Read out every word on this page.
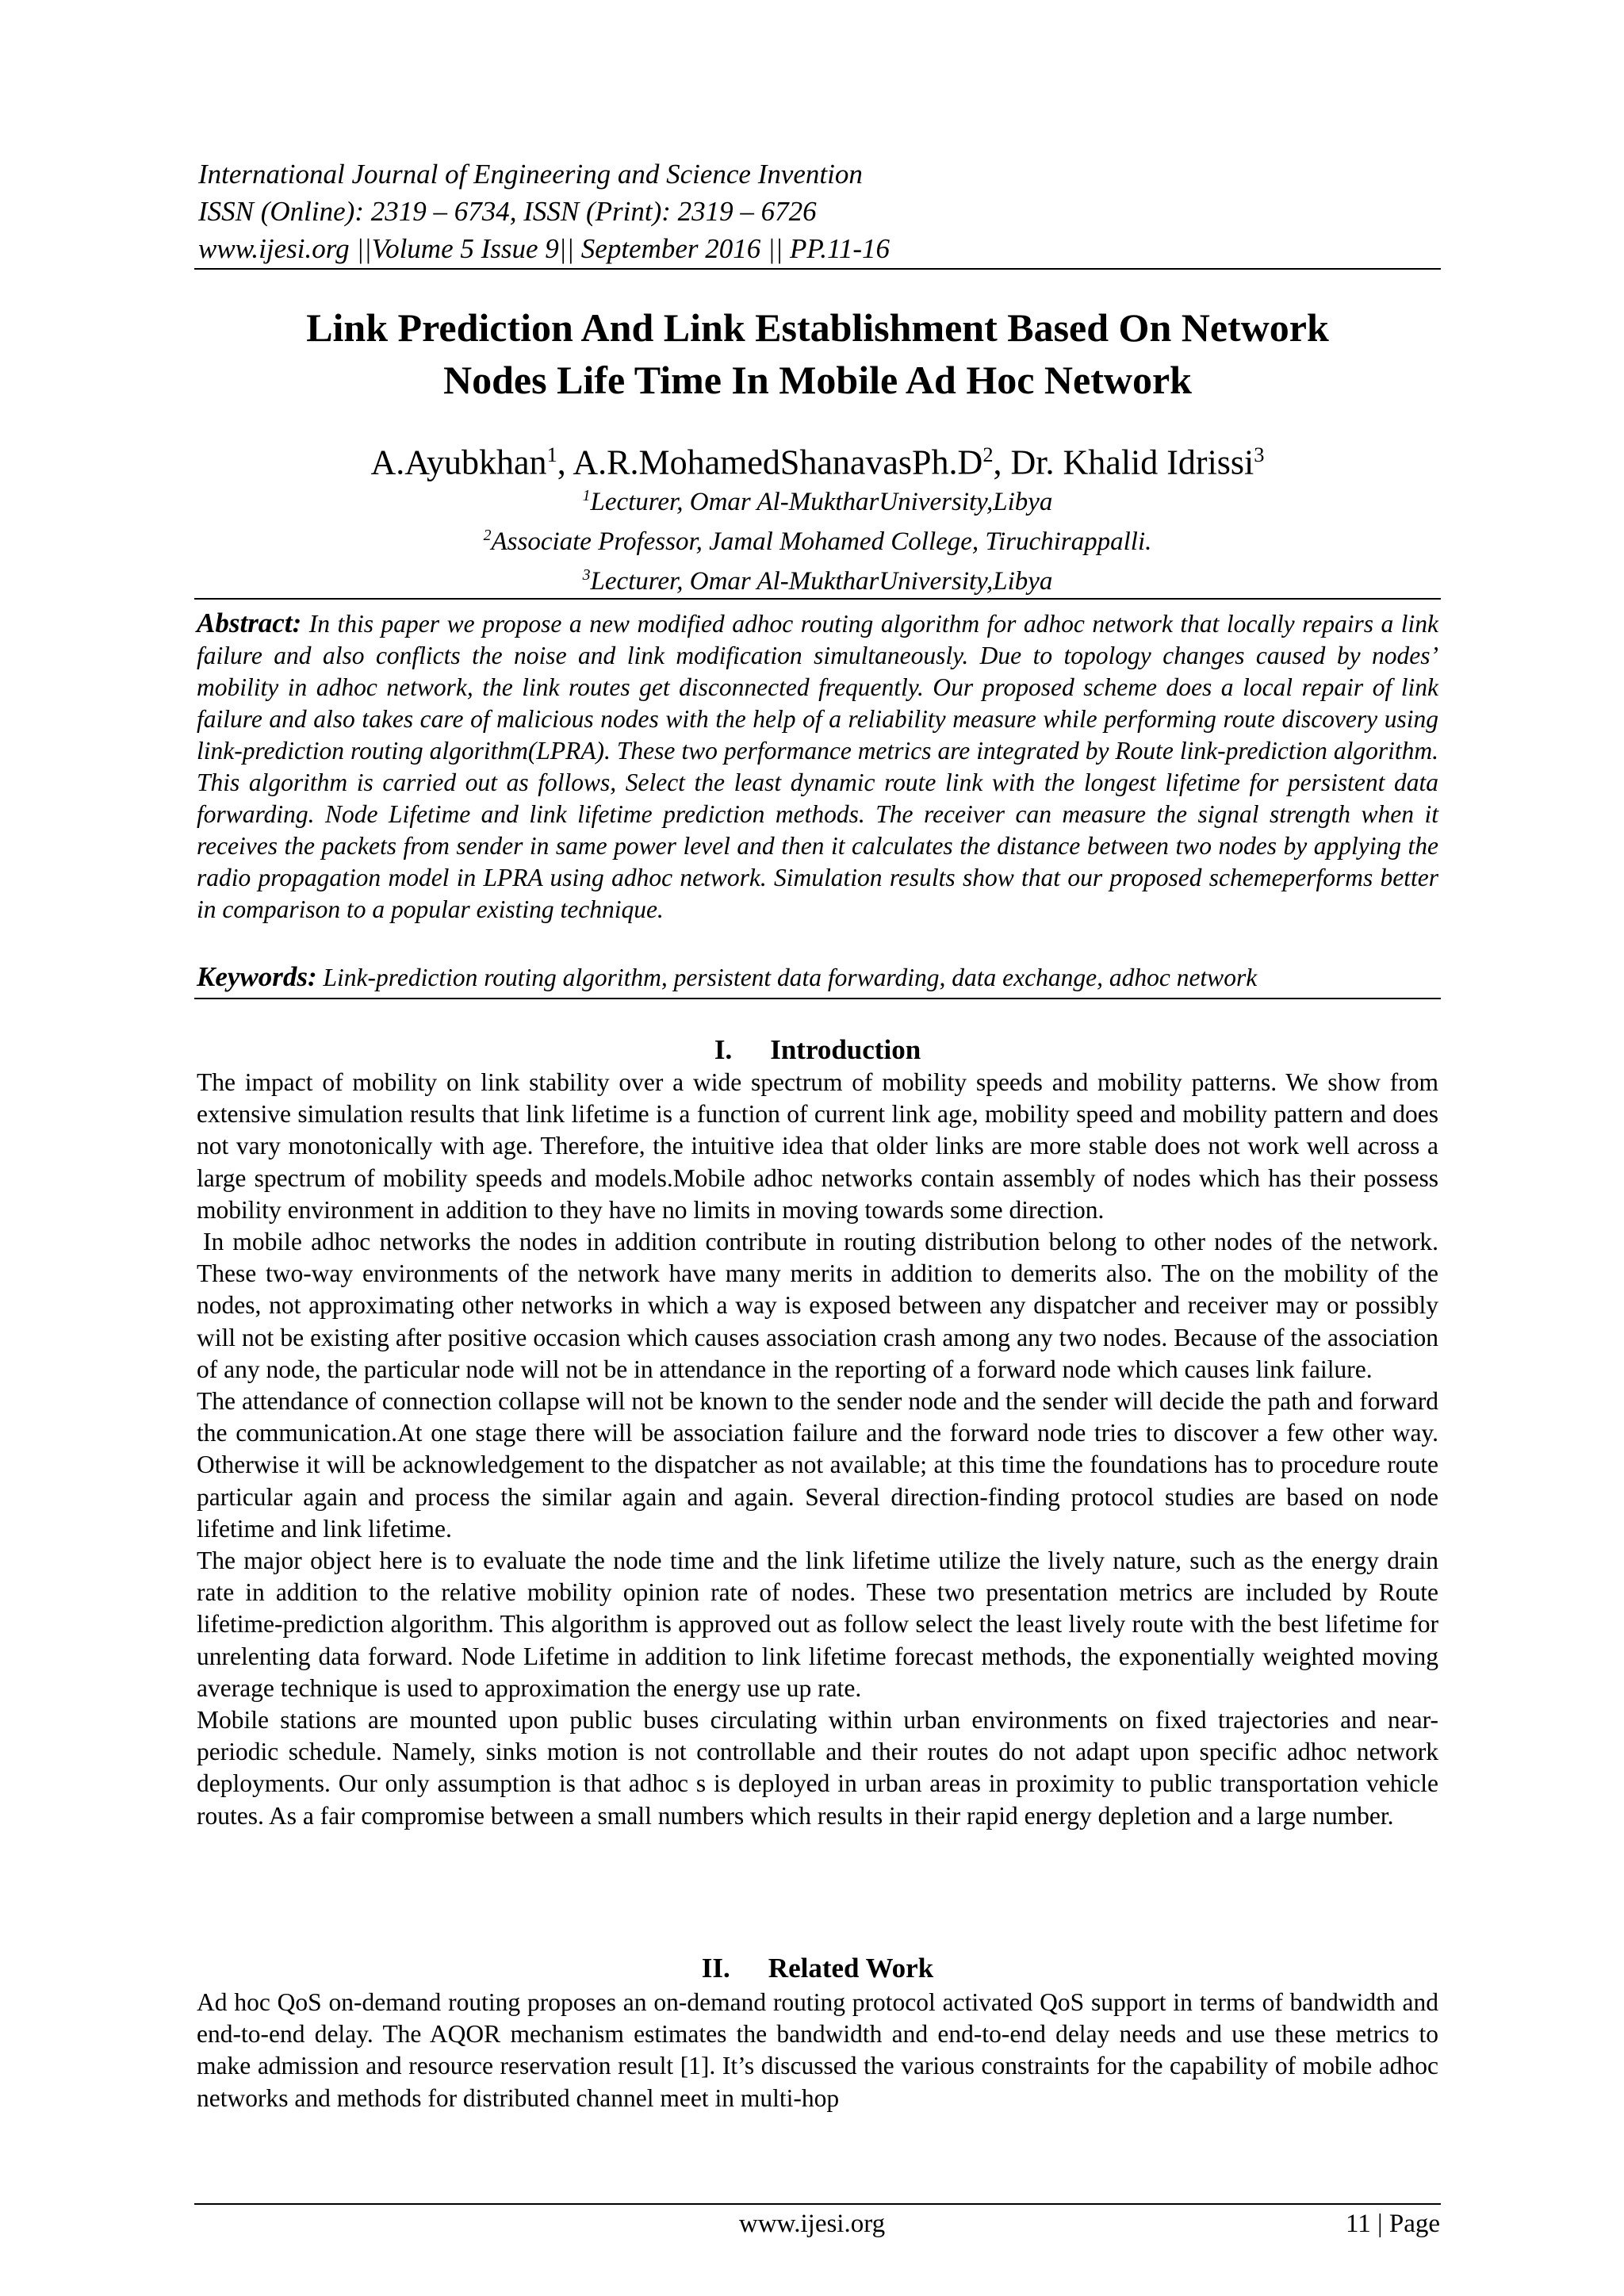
International Journal of Engineering and Science Invention
ISSN (Online): 2319 – 6734, ISSN (Print): 2319 – 6726
www.ijesi.org ||Volume 5 Issue 9|| September 2016 || PP.11-16
Link Prediction And Link Establishment Based On Network
Nodes Life Time In Mobile Ad Hoc Network
A.Ayubkhan$^1$, $A.R.MohamedShanavasPh.D^2$, Dr. Khalid Idrissi$^3$
$^1$Lecturer, Omar Al-MuktharUniversity,Libya
$^2$Associate Professor, Jamal Mohamed College, Tiruchirappalli.
$^3$Lecturer, Omar Al-MuktharUniversity,Libya
Abstract: In this paper we propose a new modified adhoc routing algorithm for adhoc network that locally repairs a link failure and also conflicts the noise and link modification simultaneously. Due to topology changes caused by nodes’ mobility in adhoc network, the link routes get disconnected frequently. Our proposed scheme does a local repair of link failure and also takes care of malicious nodes with the help of a reliability measure while performing route discovery using link-prediction routing algorithm(LPRA). These two performance metrics are integrated by Route link-prediction algorithm. This algorithm is carried out as follows, Select the least dynamic route link with the longest lifetime for persistent data forwarding. Node Lifetime and link lifetime prediction methods. The receiver can measure the signal strength when it receives the packets from sender in same power level and then it calculates the distance between two nodes by applying the radio propagation model in LPRA using adhoc network. Simulation results show that our proposed schemeperforms better in comparison to a popular existing technique.
Keywords: Link-prediction routing algorithm, persistent data forwarding, data exchange, adhoc network
I. Introduction

The impact of mobility on link stability over a wide spectrum of mobility speeds and mobility patterns. We show from extensive simulation results that link lifetime is a function of current link age, mobility speed and mobility pattern and does not vary monotonically with age. Therefore, the intuitive idea that older links are more stable does not work well across a large spectrum of mobility speeds and models.Mobile adhoc networks contain assembly of nodes which has their possess mobility environment in addition to they have no limits in moving towards some direction.

In mobile adhoc networks the nodes in addition contribute in routing distribution belong to other nodes of the network. These two-way environments of the network have many merits in addition to demerits also. The on the mobility of the nodes, not approximating other networks in which a way is exposed between any dispatcher and receiver may or possibly will not be existing after positive occasion which causes association crash among any two nodes. Because of the association of any node, the particular node will not be in attendance in the reporting of a forward node which causes link failure.

The attendance of connection collapse will not be known to the sender node and the sender will decide the path and forward the communication.At one stage there will be association failure and the forward node tries to discover a few other way. Otherwise it will be acknowledgement to the dispatcher as not available; at this time the foundations has to procedure route particular again and process the similar again and again. Several direction-finding protocol studies are based on node lifetime and link lifetime.

The major object here is to evaluate the node time and the link lifetime utilize the lively nature, such as the energy drain rate in addition to the relative mobility opinion rate of nodes. These two presentation metrics are included by Route lifetime-prediction algorithm. This algorithm is approved out as follow select the least lively route with the best lifetime for unrelenting data forward. Node Lifetime in addition to link lifetime forecast methods, the exponentially weighted moving average technique is used to approximation the energy use up rate.

Mobile stations are mounted upon public buses circulating within urban environments on fixed trajectories and near-periodic schedule. Namely, sinks motion is not controllable and their routes do not adapt upon specific adhoc network deployments. Our only assumption is that adhoc s is deployed in urban areas in proximity to public transportation vehicle routes. As a fair compromise between a small numbers which results in their rapid energy depletion and a large number.

II. Related Work

Ad hoc QoS on-demand routing proposes an on-demand routing protocol activated QoS support in terms of bandwidth and end-to-end delay. The AQOR mechanism estimates the bandwidth and end-to-end delay needs and use these metrics to make admission and resource reservation result [1]. It’s discussed the various constraints for the capability of mobile adhoc networks and methods for distributed channel meet in multi-hop

www.ijesi.org	11 | Page
